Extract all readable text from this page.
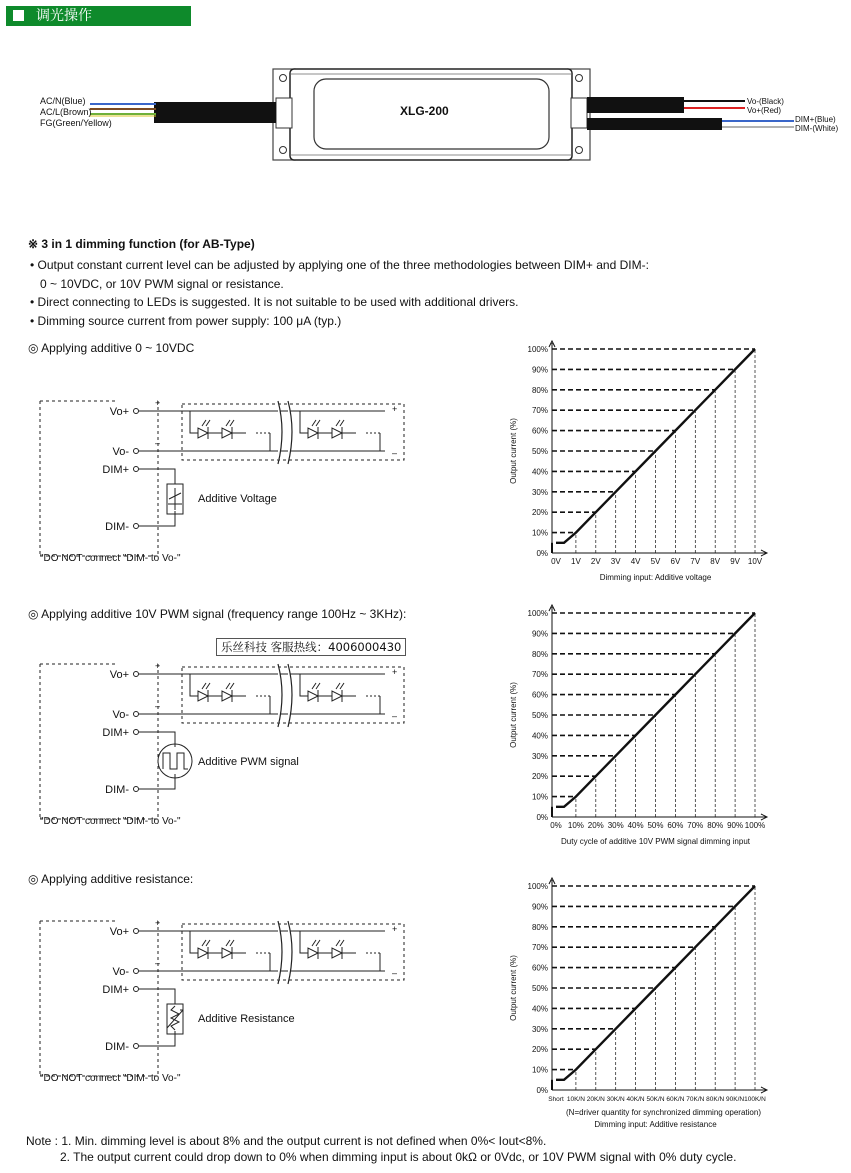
调光操作
XLG-200
AC/N(Blue)
AC/L(Brown)
FG(Green/Yellow)
Vo-(Black)
Vo+(Red)
DIM+(Blue)
DIM-(White)
※ 3 in 1 dimming function (for AB-Type)
• Output constant current level can be adjusted by applying one of the three methodologies between DIM+ and DIM-:
0 ~ 10VDC, or 10V PWM signal or resistance.
• Direct connecting to LEDs is suggested. It is not suitable to be used with additional drivers.
• Dimming source current from power supply: 100 μA (typ.)
◎ Applying additive 0 ~ 10VDC
◎ Applying additive 10V PWM signal (frequency range 100Hz ~ 3KHz):
◎ Applying additive resistance:
乐丝科技 客服热线：4006000430
Vo+
Vo-
DIM+
DIM-
+
–
+
–
Additive Voltage
"DO NOT connect "DIM- to Vo-"
Vo+
Vo-
DIM+
DIM-
+
–
+
–
Additive PWM signal
"DO NOT connect "DIM- to Vo-"
Vo+
Vo-
DIM+
DIM-
+
–
+
–
Additive Resistance
"DO NOT connect "DIM- to Vo-"
0%
10%
20%
30%
40%
50%
60%
70%
80%
90%
100%
0V 1V 2V 3V 4V 5V 6V 7V 8V 9V 10V
Output current (%)
Dimming input: Additive voltage
0%
10%
20%
30%
40%
50%
60%
70%
80%
90%
100%
0% 10% 20% 30% 40% 50% 60% 70% 80% 90% 100%
Output current (%)
Duty cycle of additive 10V PWM signal dimming input
0%
10%
20%
30%
40%
50%
60%
70%
80%
90%
100%
Short 10K/N 20K/N 30K/N 40K/N 50K/N 60K/N 70K/N 80K/N 90K/N 100K/N
Output current (%)
(N=driver quantity for synchronized dimming operation)
Dimming input: Additive resistance
Note : 1. Min. dimming level is about 8% and the output current is not defined when 0%< Iout<8%.
2. The output current could drop down to 0% when dimming input is about 0kΩ or 0Vdc, or 10V PWM signal with 0% duty cycle.
